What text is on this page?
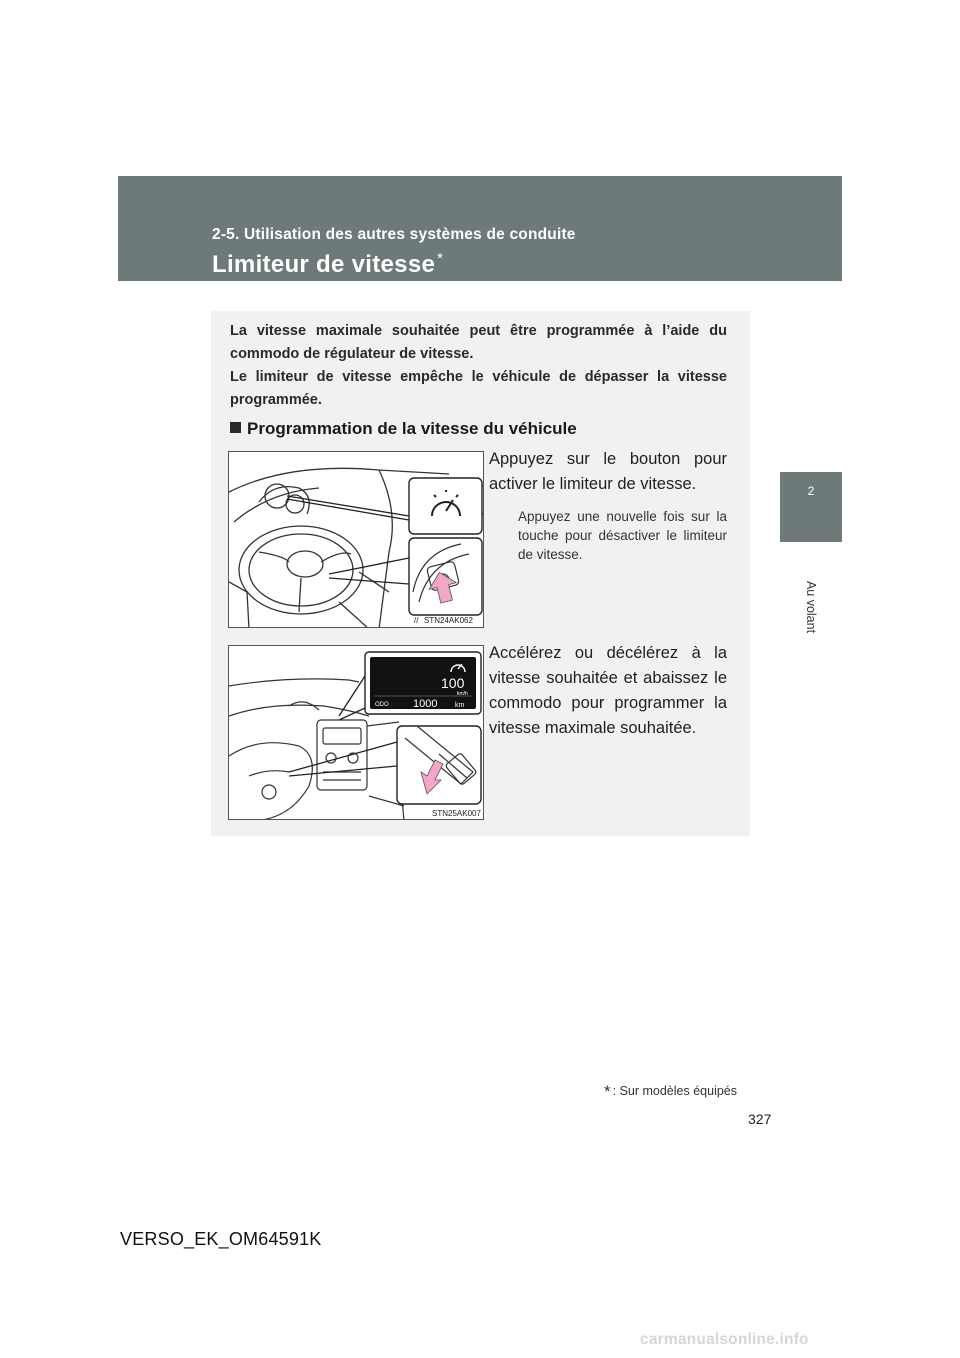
2-5. Utilisation des autres systèmes de conduite
Limiteur de vitesse *
2
Au volant

La vitesse maximale souhaitée peut être programmée à l’aide du commodo de régulateur de vitesse.

Le limiteur de vitesse empêche le véhicule de dépasser la vitesse programmée.

Programmation de la vitesse du véhicule
STN24AK062
//
Appuyez sur le bouton pour activer le limiteur de vitesse.
Appuyez une nouvelle fois sur la touche pour désactiver le limiteur de vitesse.
100
km/h
ODO 1000	km
STN25AK007
Accélérez ou décélérez à la vitesse souhaitée et abaissez le commodo pour programmer la vitesse maximale souhaitée.
* : Sur modèles équipés
327
VERSO_EK_OM64591K
carmanualsonline.info
